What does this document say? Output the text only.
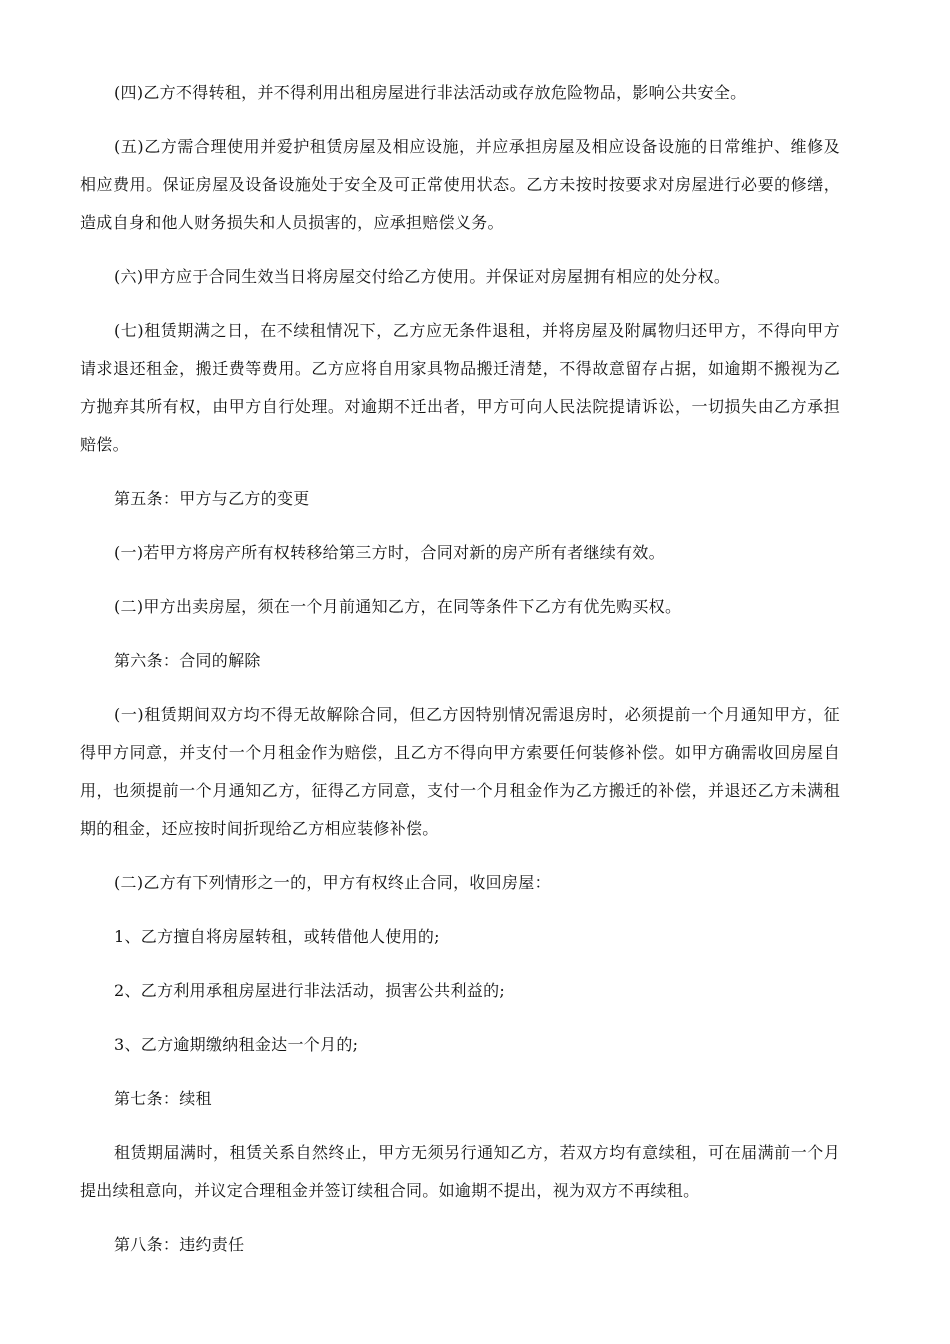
(四)乙方不得转租，并不得利用出租房屋进行非法活动或存放危险物品，影响公共安全。

(五)乙方需合理使用并爱护租赁房屋及相应设施，并应承担房屋及相应设备设施的日常维护、维修及相应费用。保证房屋及设备设施处于安全及可正常使用状态。乙方未按时按要求对房屋进行必要的修缮，造成自身和他人财务损失和人员损害的，应承担赔偿义务。

(六)甲方应于合同生效当日将房屋交付给乙方使用。并保证对房屋拥有相应的处分权。

(七)租赁期满之日，在不续租情况下，乙方应无条件退租，并将房屋及附属物归还甲方，不得向甲方请求退还租金，搬迁费等费用。乙方应将自用家具物品搬迁清楚，不得故意留存占据，如逾期不搬视为乙方抛弃其所有权，由甲方自行处理。对逾期不迁出者，甲方可向人民法院提请诉讼，一切损失由乙方承担赔偿。

第五条：甲方与乙方的变更

(一)若甲方将房产所有权转移给第三方时，合同对新的房产所有者继续有效。

(二)甲方出卖房屋，须在一个月前通知乙方，在同等条件下乙方有优先购买权。

第六条：合同的解除

(一)租赁期间双方均不得无故解除合同，但乙方因特别情况需退房时，必须提前一个月通知甲方，征得甲方同意，并支付一个月租金作为赔偿，且乙方不得向甲方索要任何装修补偿。如甲方确需收回房屋自用，也须提前一个月通知乙方，征得乙方同意，支付一个月租金作为乙方搬迁的补偿，并退还乙方未满租期的租金，还应按时间折现给乙方相应装修补偿。

(二)乙方有下列情形之一的，甲方有权终止合同，收回房屋：

1、乙方擅自将房屋转租，或转借他人使用的;

2、乙方利用承租房屋进行非法活动，损害公共利益的;

3、乙方逾期缴纳租金达一个月的;

第七条：续租

租赁期届满时，租赁关系自然终止，甲方无须另行通知乙方，若双方均有意续租，可在届满前一个月提出续租意向，并议定合理租金并签订续租合同。如逾期不提出，视为双方不再续租。

第八条：违约责任
